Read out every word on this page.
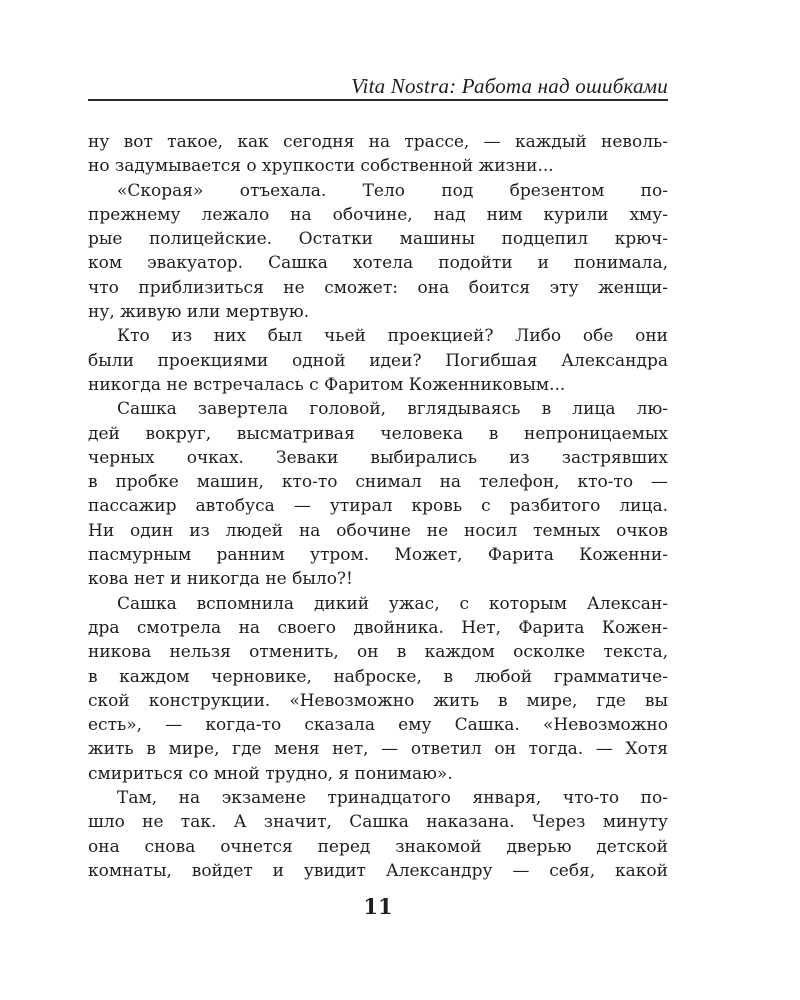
Vita Nostra: Работа над ошибками
ну вот такое, как сегодня на трассе, — каждый неволь-
но задумывается о хрупкости собственной жизни...
«Скорая» отъехала. Тело под брезентом по-
прежнему лежало на обочине, над ним курили хму-
рые полицейские. Остатки машины подцепил крюч-
ком эвакуатор. Сашка хотела подойти и понимала,
что приблизиться не сможет: она боится эту женщи-
ну, живую или мертвую.
Кто из них был чьей проекцией? Либо обе они
были проекциями одной идеи? Погибшая Александра
никогда не встречалась с Фаритом Коженниковым...
Сашка завертела головой, вглядываясь в лица лю-
дей вокруг, высматривая человека в непроницаемых
черных очках. Зеваки выбирались из застрявших
в пробке машин, кто-то снимал на телефон, кто-то —
пассажир автобуса — утирал кровь с разбитого лица.
Ни один из людей на обочине не носил темных очков
пасмурным ранним утром. Может, Фарита Коженни-
кова нет и никогда не было?!
Сашка вспомнила дикий ужас, с которым Алексан-
дра смотрела на своего двойника. Нет, Фарита Кожен-
никова нельзя отменить, он в каждом осколке текста,
в каждом черновике, наброске, в любой грамматиче-
ской конструкции. «Невозможно жить в мире, где вы
есть», — когда-то сказала ему Сашка. «Невозможно
жить в мире, где меня нет, — ответил он тогда. — Хотя
смириться со мной трудно, я понимаю».
Там, на экзамене тринадцатого января, что-то по-
шло не так. А значит, Сашка наказана. Через минуту
она снова очнется перед знакомой дверью детской
комнаты, войдет и увидит Александру — себя, какой
11
